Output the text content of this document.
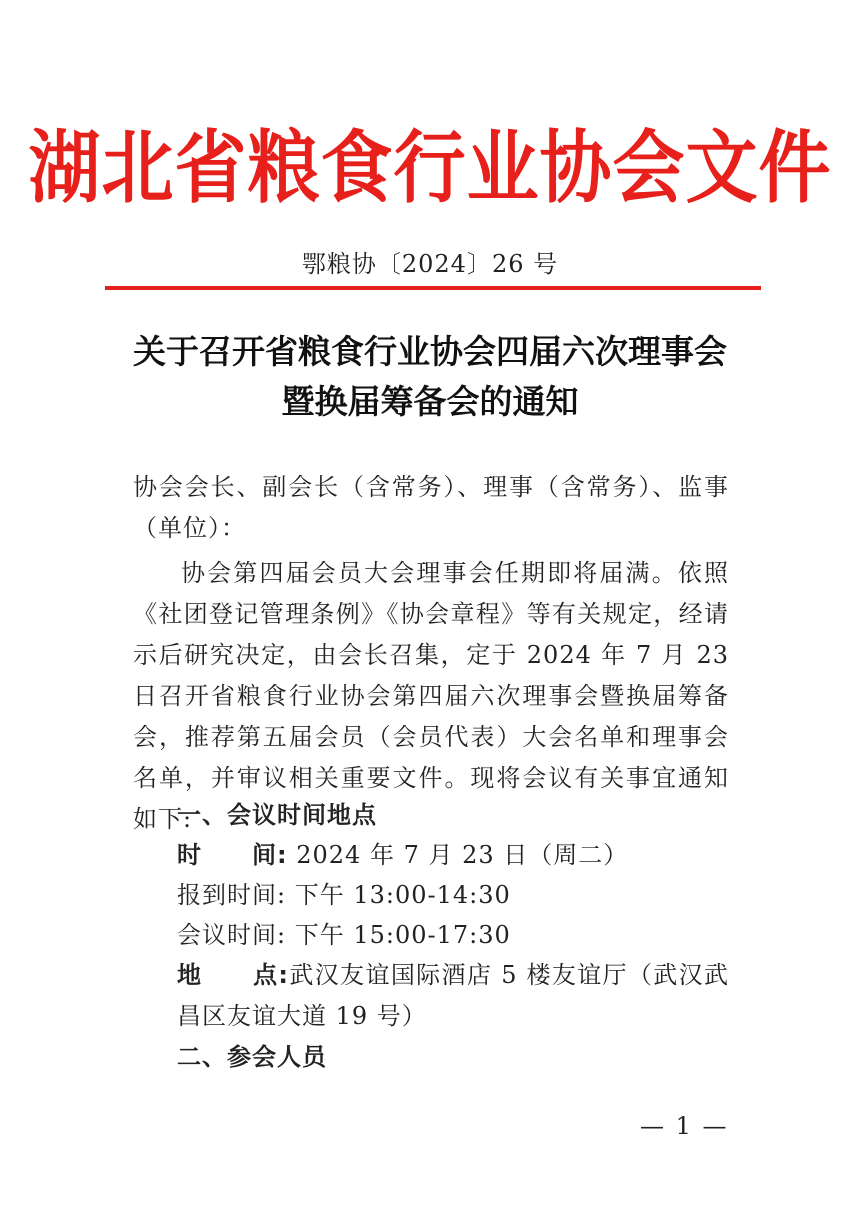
湖北省粮食行业协会文件
鄂粮协〔2024〕26 号
关于召开省粮食行业协会四届六次理事会
暨换届筹备会的通知
协会会长、副会长（含常务）、理事（含常务）、监事（单位）：
协会第四届会员大会理事会任期即将届满。依照《社团登记管理条例》《协会章程》等有关规定，经请示后研究决定，由会长召集，定于 2024 年 7 月 23 日召开省粮食行业协会第四届六次理事会暨换届筹备会，推荐第五届会员（会员代表）大会名单和理事会名单，并审议相关重要文件。现将会议有关事宜通知如下:
一、会议时间地点
时　　间: 2024 年 7 月 23 日（周二）
报到时间: 下午 13:00-14:30
会议时间: 下午 15:00-17:30
地　　点:武汉友谊国际酒店 5 楼友谊厅（武汉武昌区友谊大道 19 号）
二、参会人员
— 1 —
